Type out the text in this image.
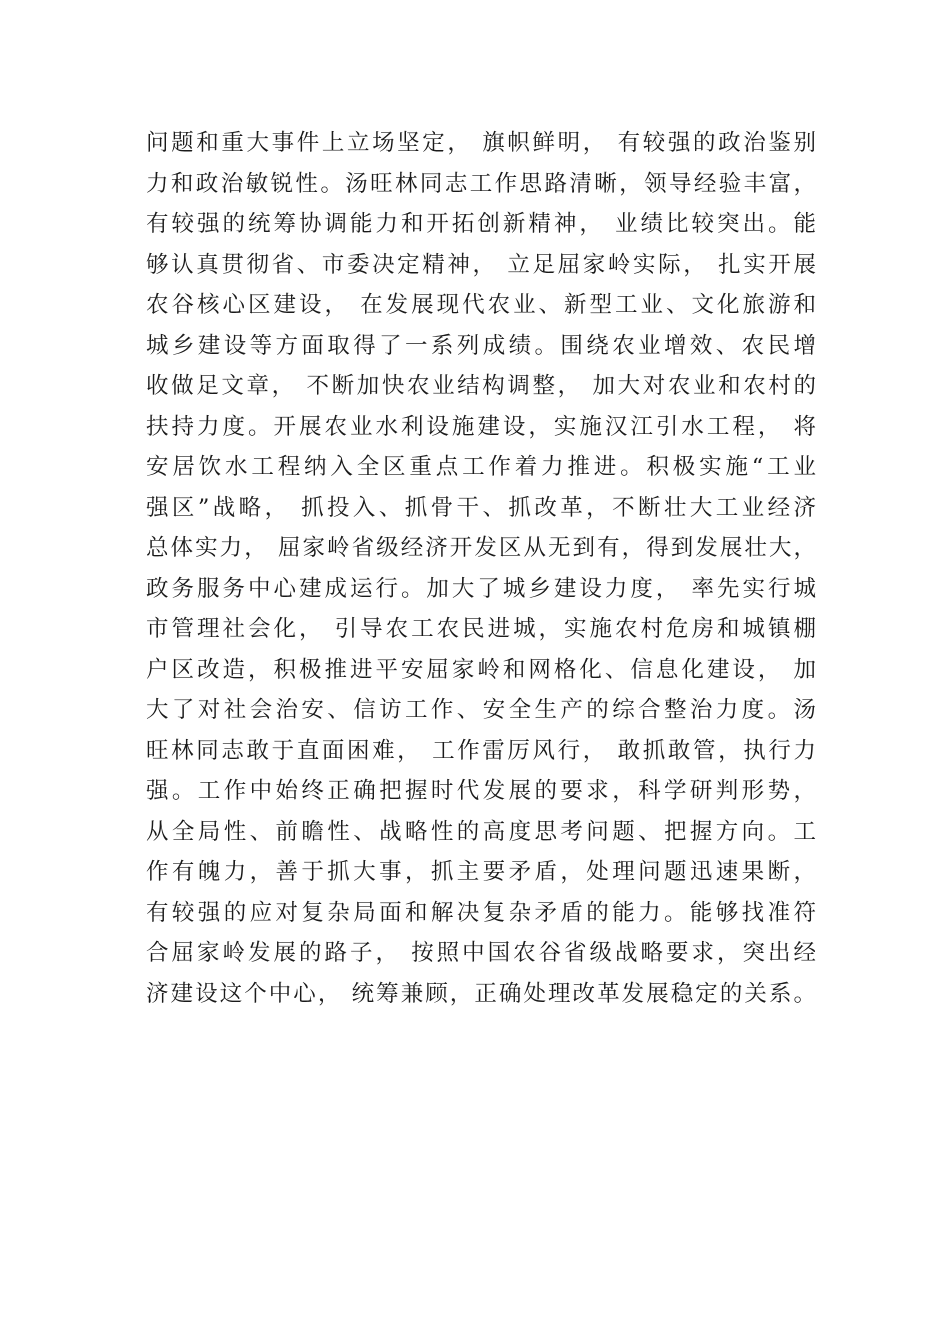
问题和重大事件上立场坚定， 旗帜鲜明， 有较强的政治鉴别
力和政治敏锐性。汤旺林同志工作思路清晰，领导经验丰富，
有较强的统筹协调能力和开拓创新精神， 业绩比较突出。能
够认真贯彻省、市委决定精神， 立足屈家岭实际， 扎实开展
农谷核心区建设， 在发展现代农业、新型工业、文化旅游和
城乡建设等方面取得了一系列成绩。围绕农业增效、农民增
收做足文章， 不断加快农业结构调整， 加大对农业和农村的
扶持力度。开展农业水利设施建设，实施汉江引水工程， 将
安居饮水工程纳入全区重点工作着力推进。积极实施“工业
强区”战略， 抓投入、抓骨干、抓改革，不断壮大工业经济
总体实力， 屈家岭省级经济开发区从无到有，得到发展壮大，
政务服务中心建成运行。加大了城乡建设力度， 率先实行城
市管理社会化， 引导农工农民进城，实施农村危房和城镇棚
户区改造，积极推进平安屈家岭和网格化、信息化建设， 加
大了对社会治安、信访工作、安全生产的综合整治力度。汤
旺林同志敢于直面困难， 工作雷厉风行， 敢抓敢管，执行力
强。工作中始终正确把握时代发展的要求，科学研判形势，
从全局性、前瞻性、战略性的高度思考问题、把握方向。工
作有魄力，善于抓大事，抓主要矛盾，处理问题迅速果断，
有较强的应对复杂局面和解决复杂矛盾的能力。能够找准符
合屈家岭发展的路子， 按照中国农谷省级战略要求，突出经
济建设这个中心， 统筹兼顾，正确处理改革发展稳定的关系。
